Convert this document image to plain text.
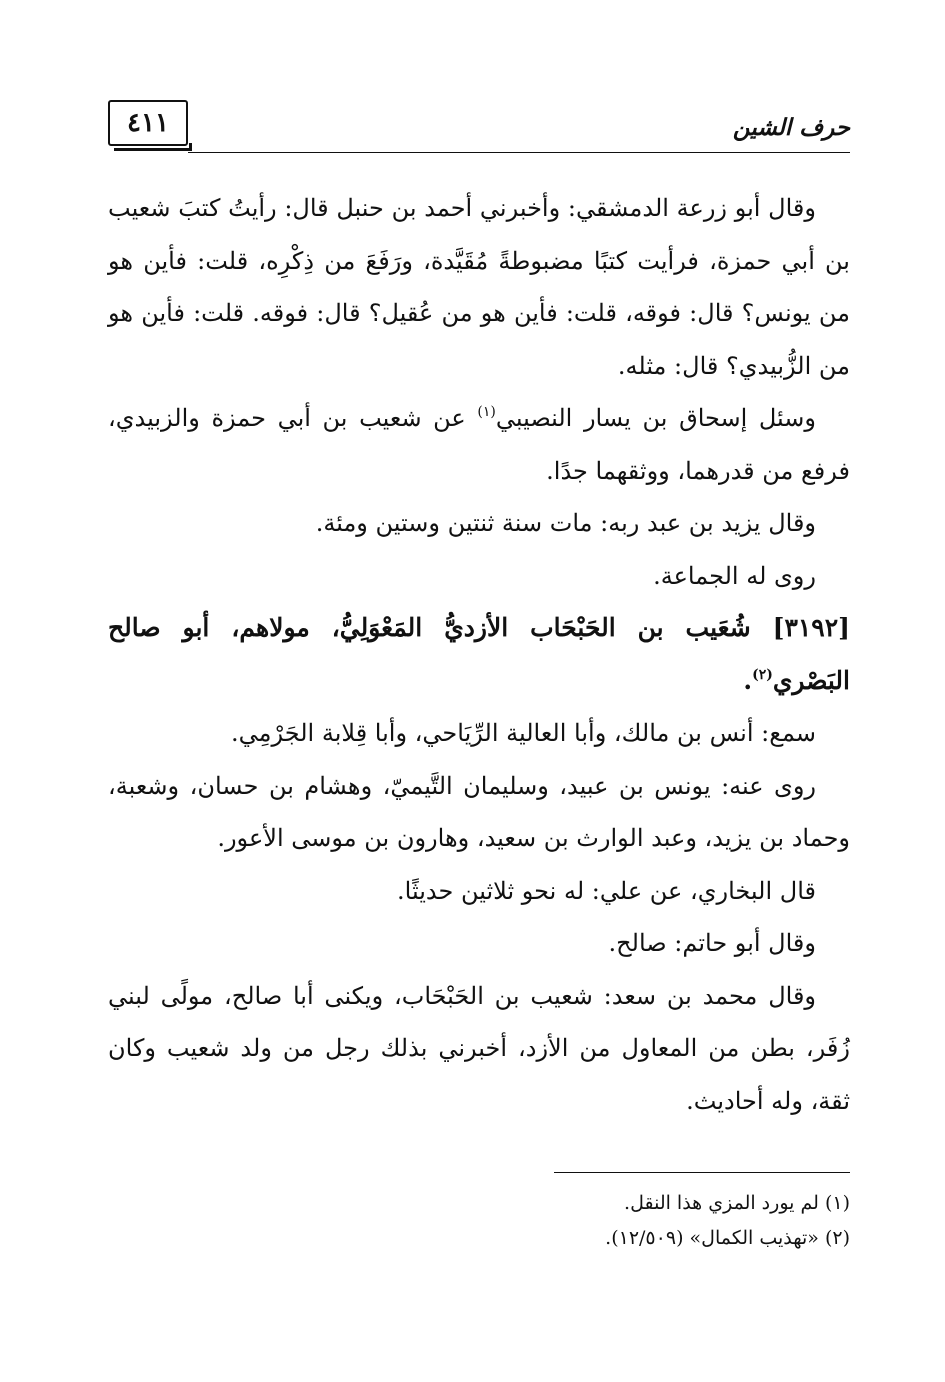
٤١١	حرف الشين

وقال أبو زرعة الدمشقي: وأخبرني أحمد بن حنبل قال: رأيتُ كتبَ شعيب بن أبي حمزة، فرأيت كتبًا مضبوطةً مُقَيَّدة، ورَفَعَ من ذِكْرِه، قلت: فأين هو من يونس؟ قال: فوقه، قلت: فأين هو من عُقيل؟ قال: فوقه. قلت: فأين هو من الزُّبيدي؟ قال: مثله.

وسئل إسحاق بن يسار النصيبي$^{(١)}$ عن شعيب بن أبي حمزة والزبيدي، فرفع من قدرهما، ووثقهما جدًا.

وقال يزيد بن عبد ربه: مات سنة ثنتين وستين ومئة.

روى له الجماعة.

[٣١٩٢] شُعَيب بن الحَبْحَاب الأزديُّ المَعْوَلِيُّ، مولاهم، أبو صالح البَصْري$^{(٢)}$.

سمع: أنس بن مالك، وأبا العالية الرِّيَاحي، وأبا قِلابة الجَرْمِي.

روى عنه: يونس بن عبيد، وسليمان التَّيميّ، وهشام بن حسان، وشعبة، وحماد بن يزيد، وعبد الوارث بن سعيد، وهارون بن موسى الأعور.

قال البخاري، عن علي: له نحو ثلاثين حديثًا.

وقال أبو حاتم: صالح.

وقال محمد بن سعد: شعيب بن الحَبْحَاب، ويكنى أبا صالح، مولًى لبني زُفَر، بطن من المعاول من الأزد، أخبرني بذلك رجل من ولد شعيب وكان ثقة، وله أحاديث.

(١) لم يورد المزي هذا النقل.

(٢) «تهذيب الكمال» (١٢/٥٠٩).
